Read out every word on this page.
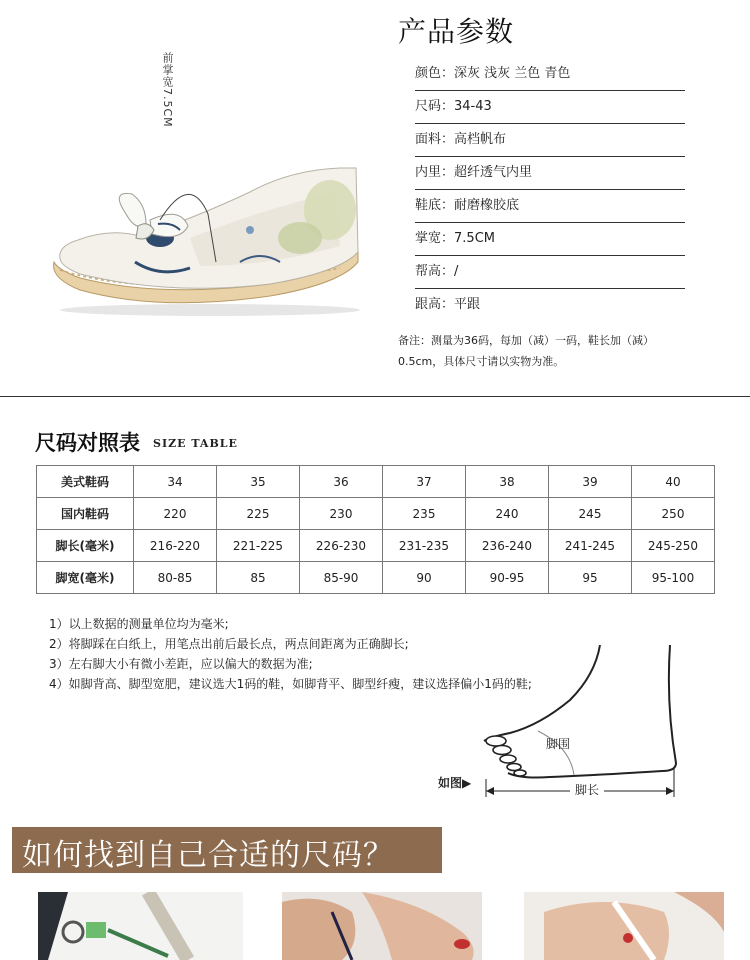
前掌宽7.5CM
产品参数
颜色：深灰 浅灰 兰色 青色
尺码：34-43
面料：高档帆布
内里：超纤透气内里
鞋底：耐磨橡胶底
掌宽：7.5CM
帮高：/
跟高：平跟
备注：测量为36码，每加（减）一码，鞋长加（减）
0.5cm，具体尺寸请以实物为准。
尺码对照表 SIZE TABLE
美式鞋码	34	35	36	37	38	39	40
国内鞋码	220	225	230	235	240	245	250
脚长(毫米)	216-220	221-225	226-230	231-235	236-240	241-245	245-250
脚宽(毫米)	80-85	85	85-90	90	90-95	95	95-100
1）以上数据的测量单位均为毫米;
2）将脚踩在白纸上，用笔点出前后最长点，两点间距离为正确脚长;
3）左右脚大小有微小差距，应以偏大的数据为准;
4）如脚背高、脚型宽肥，建议选大1码的鞋，如脚背平、脚型纤瘦，建议选择偏小1码的鞋;
脚围
脚长
如图▶
如何找到自己合适的尺码？
